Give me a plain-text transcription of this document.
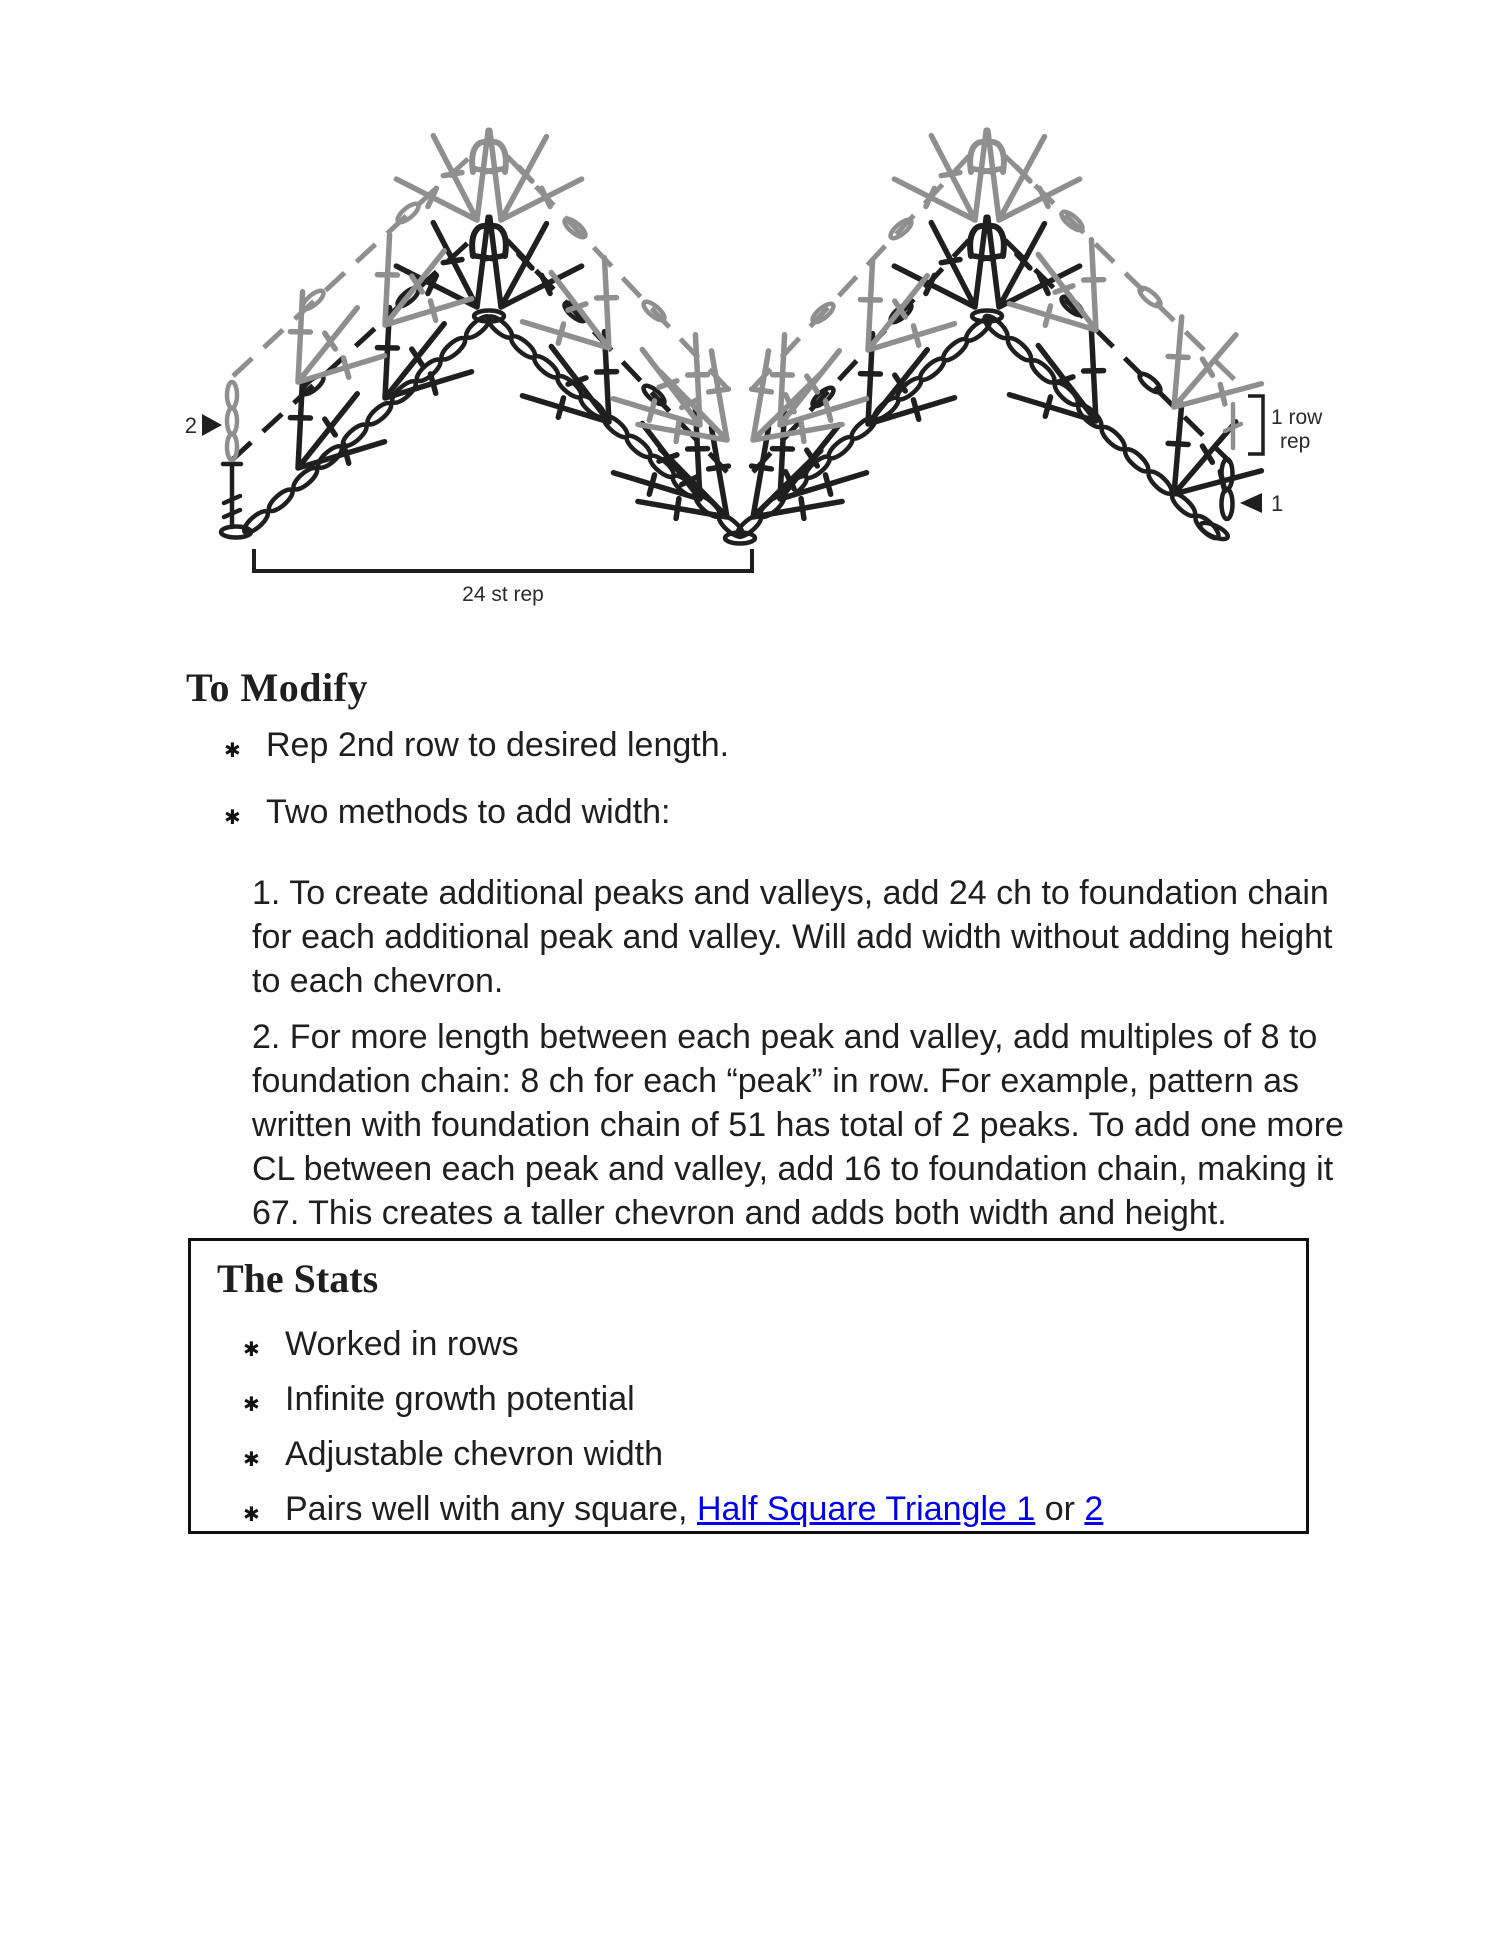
24 st rep
1 row
rep
2
1
To Modify
✱ Rep 2nd row to desired length.
✱ Two methods to add width:

1. To create additional peaks and valleys, add 24 ch to foundation chain for each additional peak and valley. Will add width without adding height to each chevron.

2. For more length between each peak and valley, add multiples of 8 to foundation chain: 8 ch for each “peak” in row. For example, pattern as written with foundation chain of 51 has total of 2 peaks. To add one more CL between each peak and valley, add 16 to foundation chain, making it 67. This creates a taller chevron and adds both width and height.

The Stats
✱ Worked in rows
✱ Infinite growth potential
✱ Adjustable chevron width
✱ Pairs well with any square, Half Square Triangle 1 or 2
